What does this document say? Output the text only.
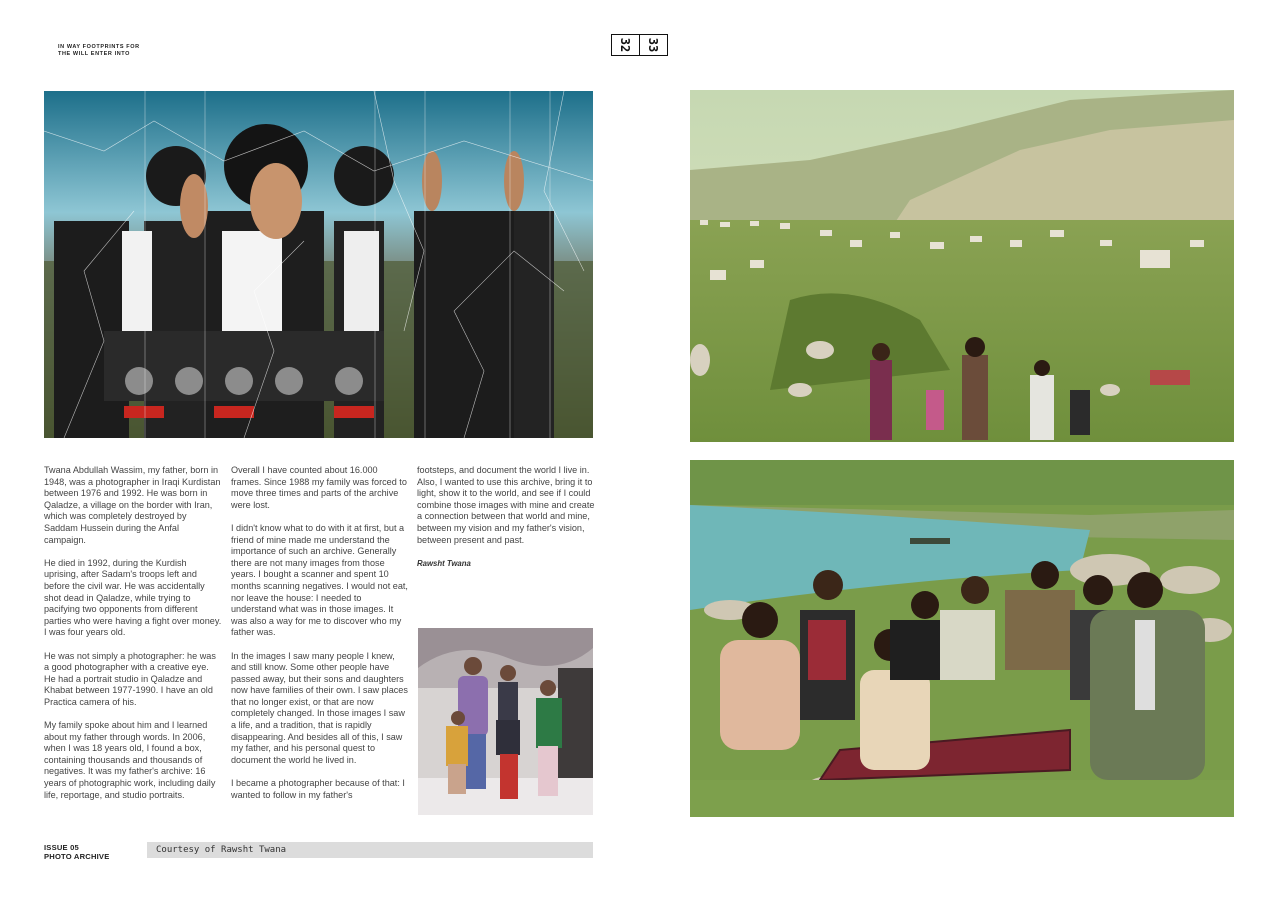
IN WAY FOOTPRINTS FOR
THE WILL ENTER INTO
32 33

Twana Abdullah Wassim, my father, born in 1948, was a photographer in Iraqi Kurdistan between 1976 and 1992. He was born in Qaladze, a village on the border with Iran, which was completely destroyed by Saddam Hussein during the Anfal campaign.

He died in 1992, during the Kurdish uprising, after Sadam's troops left and before the civil war. He was accidentally shot dead in Qaladze, while trying to pacifying two opponents from different parties who were having a fight over money. I was four years old.

He was not simply a photographer: he was a good photographer with a creative eye. He had a portrait studio in Qaladze and Khabat between 1977-1990. I have an old Practica camera of his.

My family spoke about him and I learned about my father through words. In 2006, when I was 18 years old, I found a box, containing thousands and thousands of negatives. It was my father's archive: 16 years of photographic work, including daily life, reportage, and studio portraits.

Overall I have counted about 16.000 frames. Since 1988 my family was forced to move three times and parts of the archive were lost.

I didn't know what to do with it at first, but a friend of mine made me understand the importance of such an archive. Generally there are not many images from those years. I bought a scanner and spent 10 months scanning negatives. I would not eat, nor leave the house: I needed to understand what was in those images. It was also a way for me to discover who my father was.

In the images I saw many people I knew, and still know. Some other people have passed away, but their sons and daughters now have families of their own. I saw places that no longer exist, or that are now completely changed. In those images I saw a life, and a tradition, that is rapidly disappearing. And besides all of this, I saw my father, and his personal quest to document the world he lived in.

I became a photographer because of that: I wanted to follow in my father's

footsteps, and document the world I live in. Also, I wanted to use this archive, bring it to light, show it to the world, and see if I could combine those images with mine and create a connection between that world and mine, between my vision and my father's vision, between present and past.

Rawsht Twana
ISSUE 05
PHOTO ARCHIVE
Courtesy of Rawsht Twana
